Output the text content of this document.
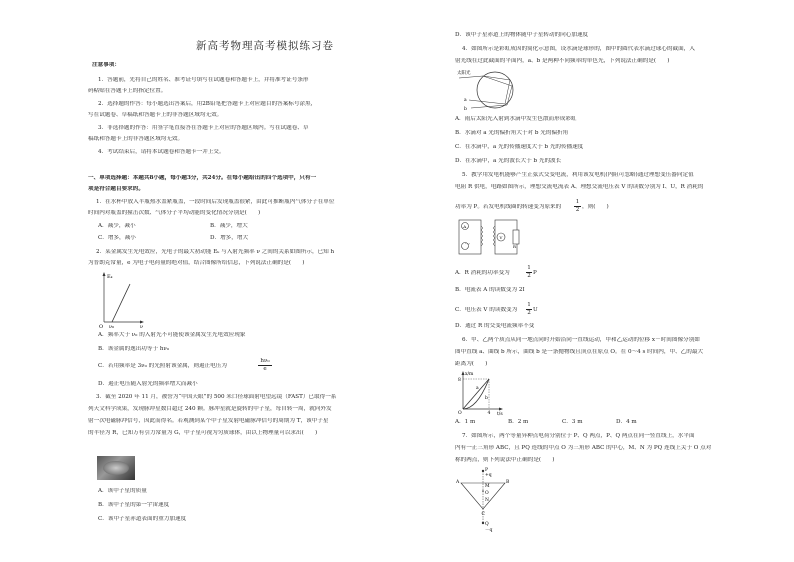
新高考物理高考模拟练习卷
注意事项：
1．答题前，先将自己的姓名、准考证号填写在试题卷和答题卡上，并将准考证号条形
码粘贴在答题卡上的指定位置。
2．选择题的作答：每小题选出答案后，用2B铅笔把答题卡上对应题目的答案标号涂黑，
写在试题卷、草稿纸和答题卡上的非答题区域均无效。
3．非选择题的作答：用签字笔直接答在答题卡上对应的答题区域内。写在试题卷、草
稿纸和答题卡上的非答题区域均无效。
4．考试结束后，请将本试题卷和答题卡一并上交。
一、单项选择题：本题共8小题，每小题3分，共24分。在每小题给出的四个选项中，只有一
项是符合题目要求的。
1．在水杯中放入半瓶热水盖紧瓶盖，一段时间后发现瓶盖很紧，由此可推断瓶内气体分子在单位
时间内对瓶盖的撞击次数、气体分子平均动能的变化情况分别是(　　)
A．减少，减小	B．减少，增大
C．增多，减小	D．增多，增大
2．某金属发生光电效应，光电子的最大初动能 Eₖ 与入射光频率 ν 之间的关系如图所示，已知 h
为普朗克常量，e 为电子电荷量的绝对值，结合图像所给信息，下列说法正确的是(　　)
Eₖ
ν
O ν₀
A．频率大于 ν₀ 的入射光不可能使该金属发生光电效应现象
B．该金属的逸出功等于 hν₀
C．若用频率是 3ν₀ 的光照射该金属，则遏止电压为
hν₀
e
D．遏止电压随入射光的频率增大而减小
3．截至 2020 年 11 月，被誉为“中国天眼”的 500 米口径球面射电望远镜（FAST）已取得一系
列天文科学成果，发现脉冲星数目超过 240 颗。脉冲星就是旋转的中子星，每自转一周，就向外发
射一次电磁脉冲信号，因此而得名。若观测到某个中子星发射电磁脉冲信号的周期为 T，该中子星
的半径为 R，已知万有引力常量为 G，中子星可视为匀质球体，由以上物理量可以求出(　　)
A．该中子星的质量
B．该中子星的第一宇宙速度
C．该中子星赤道表面的重力加速度
D．该中子星赤道上的物体随中子星转动的向心加速度
4．如图所示是彩虹成因的简化示意图，设水滴是球形的，图中的圆代表水滴过球心的截面，入
射光线在过此截面的平面内，a、b 是两种不同频率的单色光，下列说法正确的是(　　)
太阳光
a
b
A．雨后太阳光入射到水滴中发生色散而形成彩虹
B．水滴对 a 光的偏折角大于对 b 光的偏折角
C．在水滴中，a 光的传播速度大于 b 光的传播速度
D．在水滴中，a 光的波长大于 b 光的波长
5．教学用发电机能够产生正弦式交变电流，利用该发电机(内阻可忽略)通过理想变压器向定值
电阻 R 供电，电路如图所示，理想交流电流表 A、理想交流电压表 V 的读数分别为 I、U，R 消耗的
功率为 P。若发电机线圈的转速变为原来的
1
2 ，则(　　)
A
V
R
A．R 消耗的功率变为
1
2 P
B．电流表 A 的读数变为 2I
C．电压表 V 的读数变为
1
2 U
D．通过 R 的交变电流频率不变
6．甲、乙两个质点从同一地点同时开始沿同一直线运动，甲和乙运动的位移 x－时间图像分别如
图中直线 a、曲线 b 所示，曲线 b 是一条抛物线且顶点在原点 O。在 0～4 s 时间内，甲、乙的最大
距离为(　　)
x/m
t/s
O
8
4
a
b
A．1 m	B．2 m	C．3 m	D．4 m
7．如图所示，两个等量异种点电荷分别位于 P、Q 两点，P、Q 两点在同一竖直线上，水平面
内有一正三角形 ABC，且 PQ 连线的中点 O 为三角形 ABC 的中心，M、N 为 PQ 连线上关于 O 点对
称的两点，则下列说法中正确的是(　　)
P
+q
A	B
C
M
O
N
Q
－q
